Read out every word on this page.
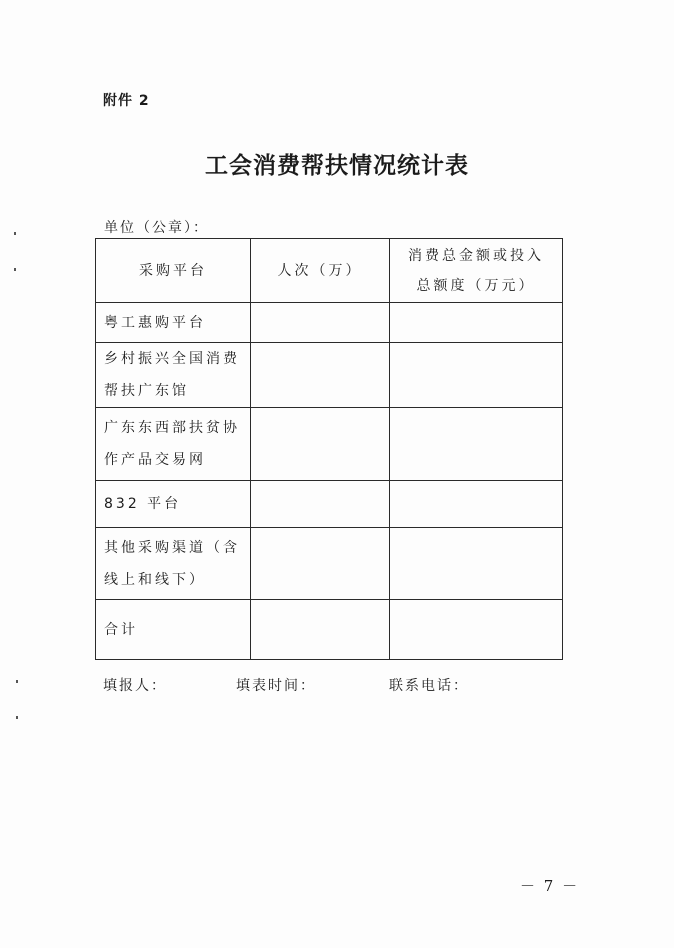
附件 2
工会消费帮扶情况统计表
单位（公章）：
采购平台	人次（万）	消费总金额或投入总额度（万元）
粤工惠购平台		
乡村振兴全国消费帮扶广东馆		
广东东西部扶贫协作产品交易网		
832 平台		
其他采购渠道（含线上和线下）		
合计		
填报人：	填表时间：	联系电话：
－ 7 －
